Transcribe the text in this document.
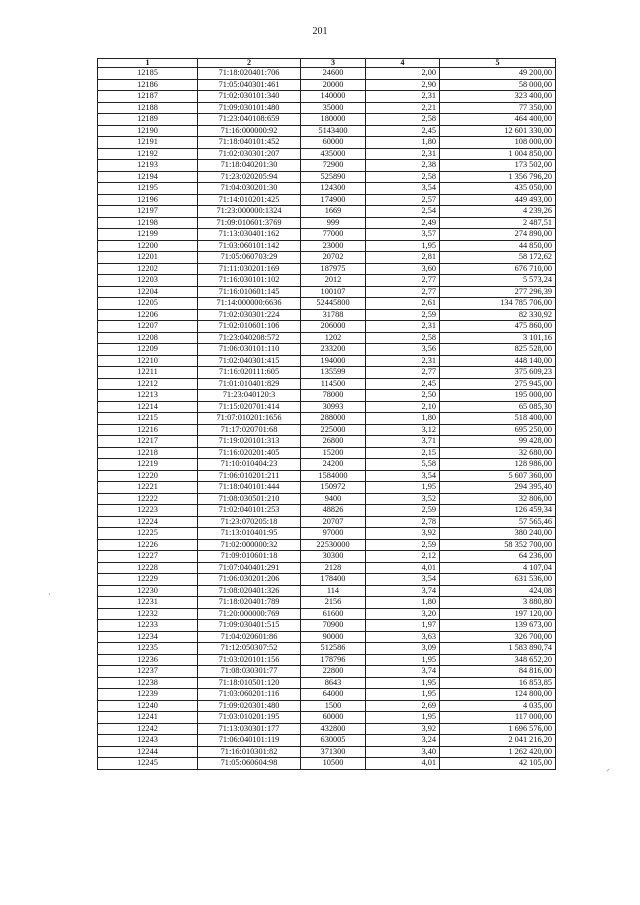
201
1	2	3	4	5
12185	71:18:020401:706	24600	2,00	49 200,00
12186	71:05:040301:461	20000	2,90	58 000,00
12187	71:02:030101:340	140000	2,31	323 400,00
12188	71:09:030101:480	35000	2,21	77 350,00
12189	71:23:040108:659	180000	2,58	464 400,00
12190	71:16:000000:92	5143400	2,45	12 601 330,00
12191	71:18:040101:452	60000	1,80	108 000,00
12192	71:02:030301:207	435000	2,31	1 004 850,00
12193	71:18:040201:30	72900	2,38	173 502,00
12194	71:23:020205:94	525890	2,58	1 356 796,20
12195	71:04:030201:30	124300	3,54	435 050,00
12196	71:14:010201:425	174900	2,57	449 493,00
12197	71:23:000000:1324	1669	2,54	4 239,26
12198	71:09:010601:3769	999	2,49	2 487,51
12199	71:13:030401:162	77000	3,57	274 890,00
12200	71:03:060101:142	23000	1,95	44 850,00
12201	71:05:060703:29	20702	2,81	58 172,62
12202	71:11:030201:169	187975	3,60	676 710,00
12203	71:16:030101:102	2012	2,77	5 573,24
12204	71:16:010601:145	100107	2,77	277 296,39
12205	71:14:000000:6636	52445800	2,61	134 785 706,00
12206	71:02:030301:224	31788	2,59	82 330,92
12207	71:02:010601:106	206000	2,31	475 860,00
12208	71:23:040208:572	1202	2,58	3 101,16
12209	71:06:030101:110	233200	3,56	825 528,00
12210	71:02:040301:415	194000	2,31	448 140,00
12211	71:16:020111:605	135599	2,77	375 609,23
12212	71:01:010401:829	114500	2,45	275 945,00
12213	71:23:040120:3	78000	2,50	195 000,00
12214	71:15:020701:414	30993	2,10	65 085,30
12215	71:07:010201:1656	288000	1,80	518 400,00
12216	71:17:020701:68	225000	3,12	695 250,00
12217	71:19:020101:313	26800	3,71	99 428,00
12218	71:16:020201:405	15200	2,15	32 680,00
12219	71:10:010404:23	24200	5,58	128 986,00
12220	71:06:010201:211	1584000	3,54	5 607 360,00
12221	71:18:040101:444	150972	1,95	294 395,40
12222	71:08:030501:210	9400	3,52	32 806,00
12223	71:02:040101:253	48826	2,59	126 459,34
12224	71:23:070205:18	20707	2,78	57 565,46
12225	71:13:010401:95	97000	3,92	380 240,00
12226	71:02:000000:32	22530000	2,59	58 352 700,00
12227	71:09:010601:18	30300	2,12	64 236,00
12228	71:07:040401:291	2128	4,01	4 107,04
12229	71:06:030201:206	178400	3,54	631 536,00
12230	71:08:020401:326	114	3,74	424,08
12231	71:18:020401:789	2156	1,80	3 880,80
12232	71:20:000000:769	61600	3,20	197 120,00
12233	71:09:030401:515	70900	1,97	139 673,00
12234	71:04:020601:86	90000	3,63	326 700,00
12235	71:12:050307:52	512586	3,09	1 583 890,74
12236	71:03:020101:156	178796	1,95	348 652,20
12237	71:08:030301:77	22800	3,74	84 816,00
12238	71:18:010501:120	8643	1,95	16 853,85
12239	71:03:060201:116	64000	1,95	124 800,00
12240	71:09:020301:480	1500	2,69	4 035,00
12241	71:03:010201:195	60000	1,95	117 000,00
12242	71:13:030301:177	432800	3,92	1 696 576,00
12243	71:06:040101:119	630005	3,24	2 041 216,20
12244	71:16:010301:82	371300	3,40	1 262 420,00
12245	71:05:060604:98	10500	4,01	42 105,00
·
⸝
